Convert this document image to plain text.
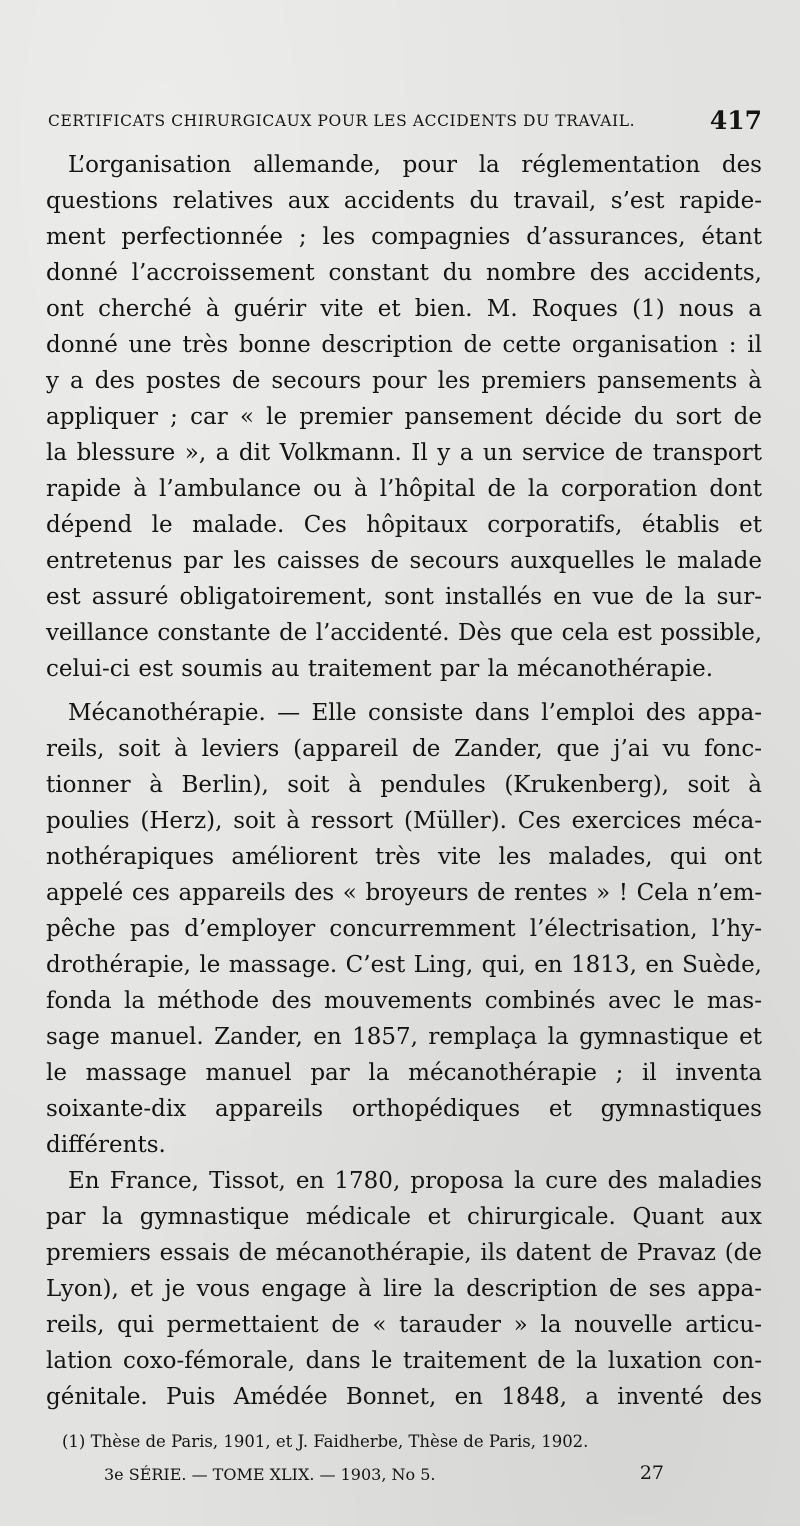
CERTIFICATS CHIRURGICAUX POUR LES ACCIDENTS DU TRAVAIL.	417
L’organisation allemande, pour la réglementation des
questions relatives aux accidents du travail, s’est rapide-
ment perfectionnée ; les compagnies d’assurances, étant
donné l’accroissement constant du nombre des accidents,
ont cherché à guérir vite et bien. M. Roques (1) nous a
donné une très bonne description de cette organisation : il
y a des postes de secours pour les premiers pansements à
appliquer ; car « le premier pansement décide du sort de
la blessure », a dit Volkmann. Il y a un service de transport
rapide à l’ambulance ou à l’hôpital de la corporation dont
dépend le malade. Ces hôpitaux corporatifs, établis et
entretenus par les caisses de secours auxquelles le malade
est assuré obligatoirement, sont installés en vue de la sur-
veillance constante de l’accidenté. Dès que cela est possible,
celui-ci est soumis au traitement par la mécanothérapie.
Mécanothérapie. — Elle consiste dans l’emploi des appa-
reils, soit à leviers (appareil de Zander, que j’ai vu fonc-
tionner à Berlin), soit à pendules (Krukenberg), soit à
poulies (Herz), soit à ressort (Müller). Ces exercices méca-
nothérapiques améliorent très vite les malades, qui ont
appelé ces appareils des « broyeurs de rentes » ! Cela n’em-
pêche pas d’employer concurremment l’électrisation, l’hy-
drothérapie, le massage. C’est Ling, qui, en 1813, en Suède,
fonda la méthode des mouvements combinés avec le mas-
sage manuel. Zander, en 1857, remplaça la gymnastique et
le massage manuel par la mécanothérapie ; il inventa
soixante-dix appareils orthopédiques et gymnastiques
différents.
En France, Tissot, en 1780, proposa la cure des maladies
par la gymnastique médicale et chirurgicale. Quant aux
premiers essais de mécanothérapie, ils datent de Pravaz (de
Lyon), et je vous engage à lire la description de ses appa-
reils, qui permettaient de « tarauder » la nouvelle articu-
lation coxo-fémorale, dans le traitement de la luxation con-
génitale. Puis Amédée Bonnet, en 1848, a inventé des
(1) Thèse de Paris, 1901, et J. Faidherbe, Thèse de Paris, 1902.
3e SÉRIE. — TOME XLIX. — 1903, No 5.	27
